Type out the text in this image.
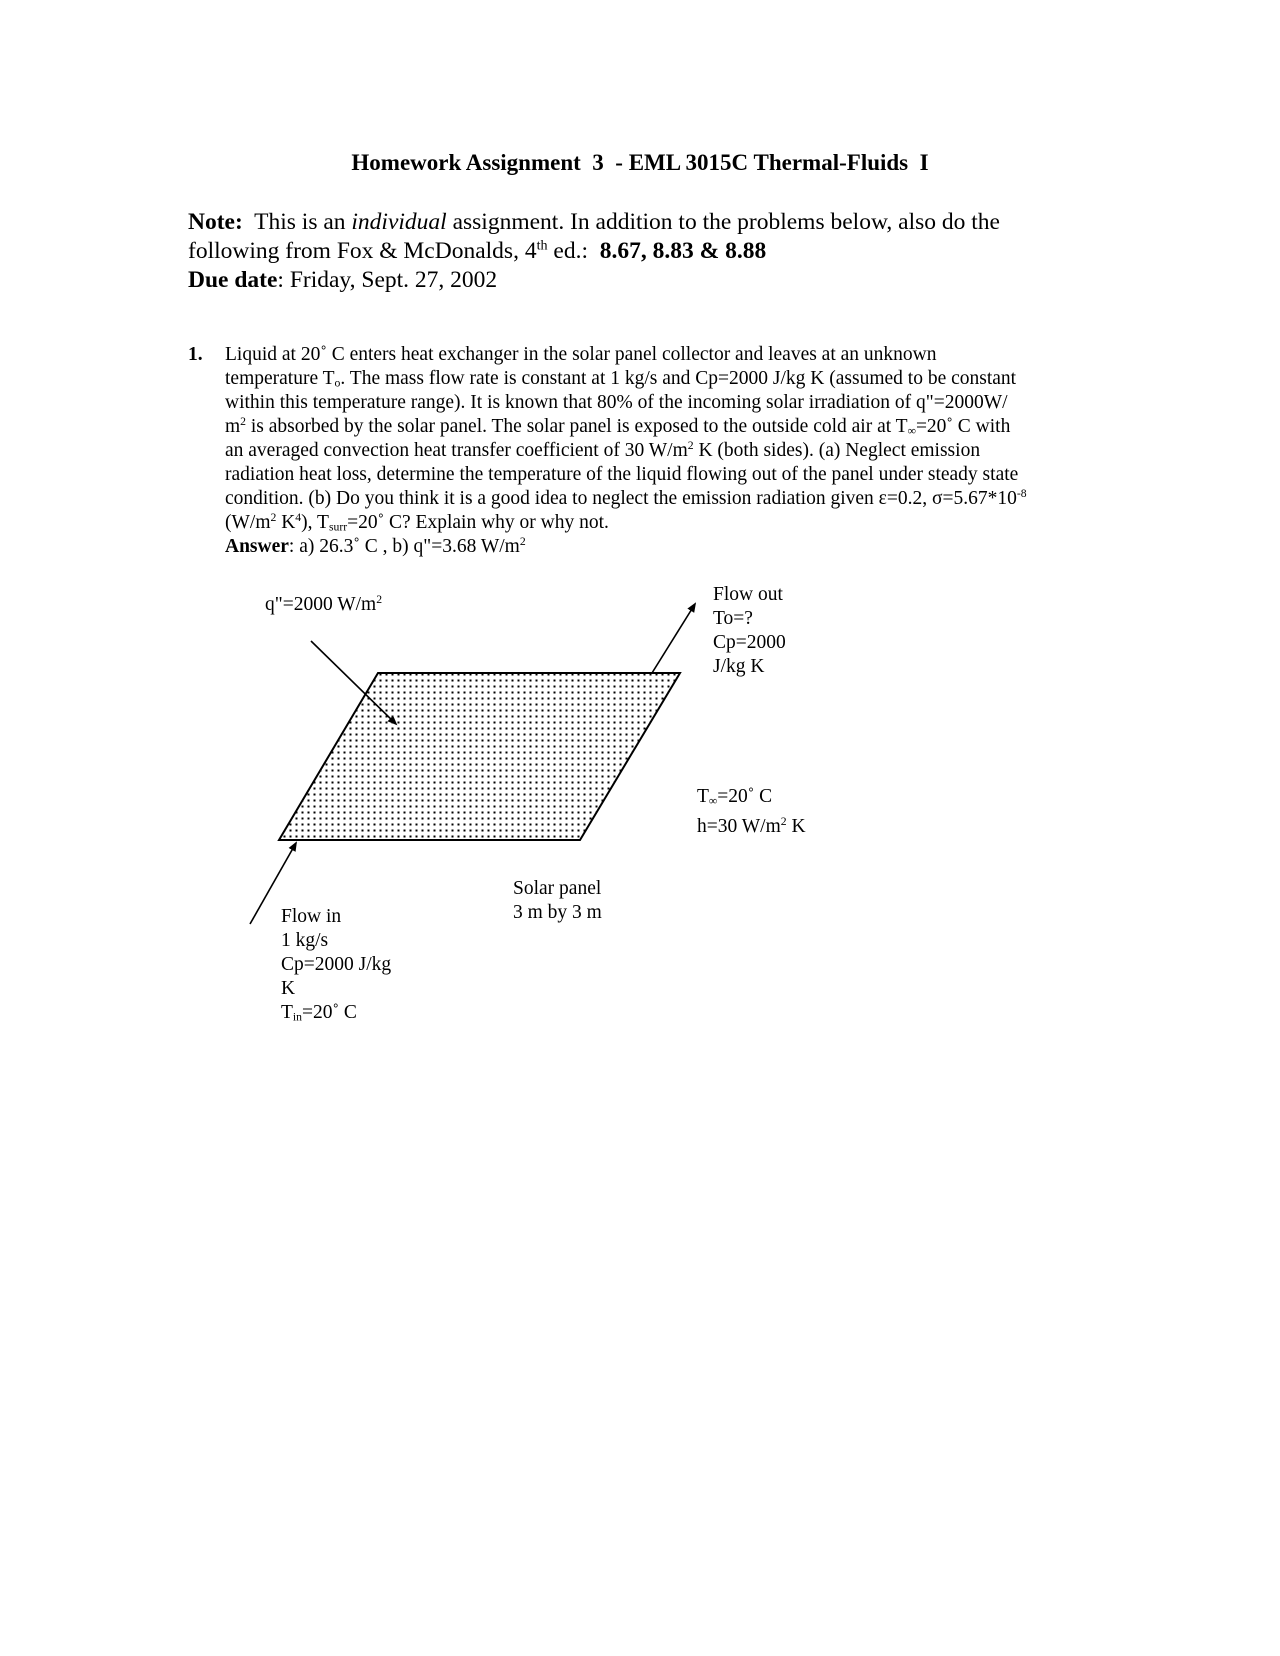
Homework Assignment  3  - EML 3015C Thermal-Fluids  I
Note:  This is an individual assignment. In addition to the problems below, also do the
following from Fox & McDonalds, 4th ed.:  8.67, 8.83 & 8.88
Due date: Friday, Sept. 27, 2002
1. Liquid at 20˚ C enters heat exchanger in the solar panel collector and leaves at an unknown
temperature $T_o$. The mass flow rate is constant at 1 kg/s and Cp=2000 J/kg K (assumed to be constant
within this temperature range). It is known that 80% of the incoming solar irradiation of q"=2000W/
$m^2$ is absorbed by the solar panel. The solar panel is exposed to the outside cold air at $T_\infty=20˚$ C with
an averaged convection heat transfer coefficient of 30 $W/m^2$ K (both sides). (a) Neglect emission
radiation heat loss, determine the temperature of the liquid flowing out of the panel under steady state
condition. (b) Do you think it is a good idea to neglect the emission radiation given ε=0.2, $\sigma=5.67*10^{-8}$
($W/m^2$ $K^4$), $T_{surr}=20˚$ C? Explain why or why not.
Answer: a) 26.3˚ C , b) q"=3.68 $W/m^2$
q"=2000 $W/m^2$	Flow out
To=?
Cp=2000
J/kg K
$T_\infty=20˚$ C
h=30 $W/m^2$ K
Solar panel
3 m by 3 m
Flow in
1 kg/s
Cp=2000 J/kg
K
$T_{in}=20˚$ C
